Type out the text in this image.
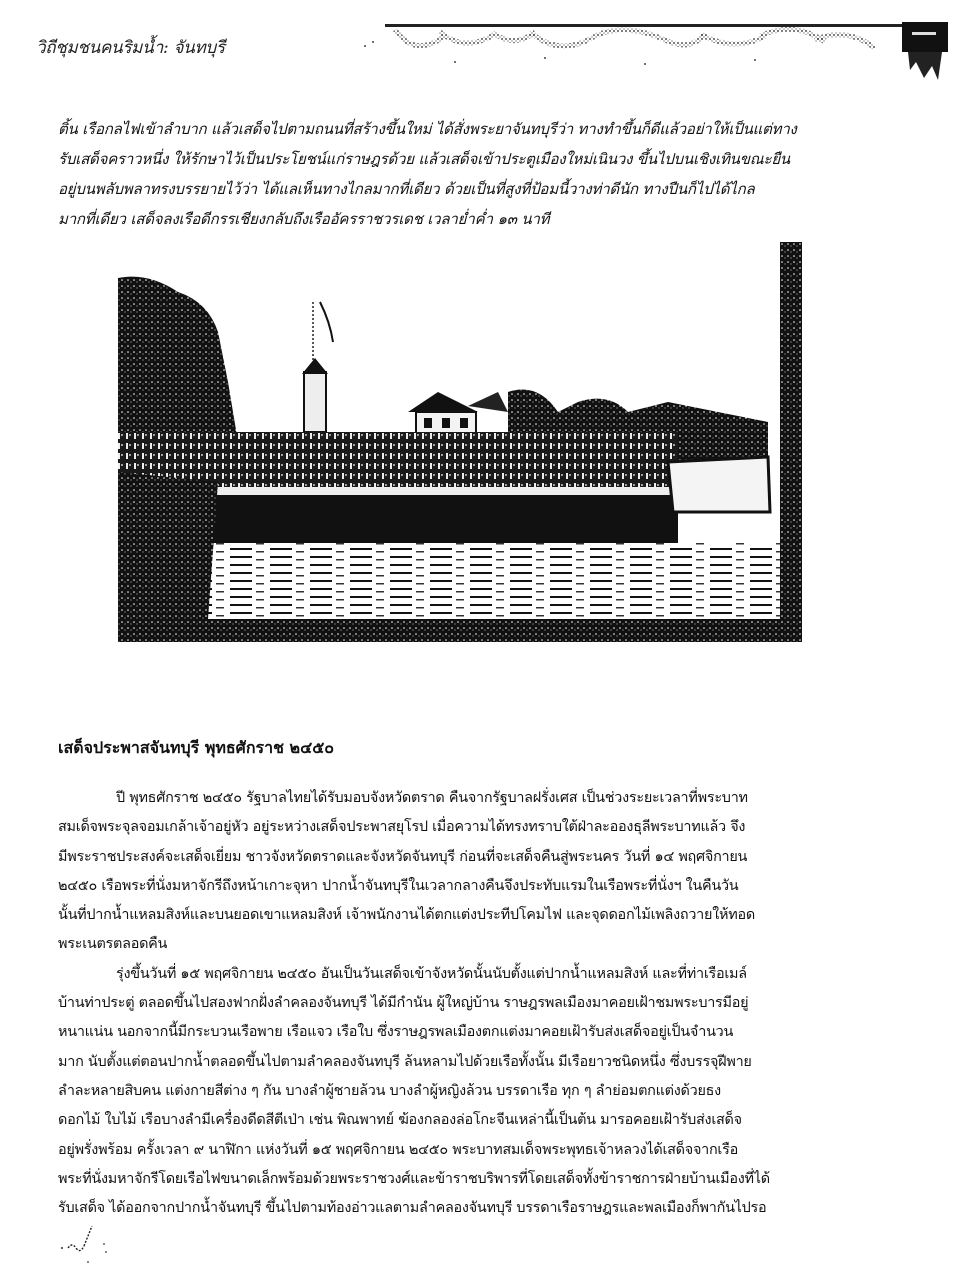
วิถีชุมชนคนริมน้ำ: จันทบุรี

ติ้น เรือกลไฟเข้าลำบาก แล้วเสด็จไปตามถนนที่สร้างขึ้นใหม่ ได้สั่งพระยาจันทบุรีว่า ทางทำขึ้นก็ดีแล้วอย่าให้เป็นแต่ทาง

รับเสด็จคราวหนึ่ง ให้รักษาไว้เป็นประโยชน์แก่ราษฎรด้วย แล้วเสด็จเข้าประตูเมืองใหม่เนินวง ขึ้นไปบนเชิงเทินขณะยืน

อยู่บนพลับพลาทรงบรรยายไว้ว่า ได้แลเห็นทางไกลมากที่เดียว ด้วยเป็นที่สูงที่ป้อมนี้วางท่าดีนัก ทางปืนก็ไปได้ไกล

มากที่เดียว เสด็จลงเรือดีกรรเชียงกลับถึงเรืออัครราชวรเดช เวลาย่ำค่ำ ๑๓ นาที

เสด็จประพาสจันทบุรี พุทธศักราช ๒๔๕๐

ปี พุทธศักราช ๒๔๕๐ รัฐบาลไทยได้รับมอบจังหวัดตราด คืนจากรัฐบาลฝรั่งเศส เป็นช่วงระยะเวลาที่พระบาท

สมเด็จพระจุลจอมเกล้าเจ้าอยู่หัว อยู่ระหว่างเสด็จประพาสยุโรป เมื่อความได้ทรงทราบใต้ฝ่าละอองธุลีพระบาทแล้ว จึง

มีพระราชประสงค์จะเสด็จเยี่ยม ชาวจังหวัดตราดและจังหวัดจันทบุรี ก่อนที่จะเสด็จคืนสู่พระนคร วันที่ ๑๔ พฤศจิกายน

๒๔๕๐ เรือพระที่นั่งมหาจักรีถึงหน้าเกาะจุหา ปากน้ำจันทบุรีในเวลากลางคืนจึงประทับแรมในเรือพระที่นั่งฯ ในคืนวัน

นั้นที่ปากน้ำแหลมสิงห์และบนยอดเขาแหลมสิงห์ เจ้าพนักงานได้ตกแต่งประทีปโคมไฟ และจุดดอกไม้เพลิงถวายให้ทอด

พระเนตรตลอดคืน

รุ่งขึ้นวันที่ ๑๕ พฤศจิกายน ๒๔๕๐ อันเป็นวันเสด็จเข้าจังหวัดนั้นนับตั้งแต่ปากน้ำแหลมสิงห์ และที่ท่าเรือเมล์

บ้านท่าประตู่ ตลอดขึ้นไปสองฟากฝั่งลำคลองจันทบุรี ได้มีกำนัน ผู้ใหญ่บ้าน ราษฎรพลเมืองมาคอยเฝ้าชมพระบารมีอยู่

หนาแน่น นอกจากนี้มีกระบวนเรือพาย เรือแจว เรือใบ ซึ่งราษฎรพลเมืองตกแต่งมาคอยเฝ้ารับส่งเสด็จอยู่เป็นจำนวน

มาก นับตั้งแต่ตอนปากน้ำตลอดขึ้นไปตามลำคลองจันทบุรี ล้นหลามไปด้วยเรือทั้งนั้น มีเรือยาวชนิดหนึ่ง ซึ่งบรรจุฝีพาย

ลำละหลายสิบคน แต่งกายสีต่าง ๆ กัน บางลำผู้ชายล้วน บางลำผู้หญิงล้วน บรรดาเรือ ทุก ๆ ลำย่อมตกแต่งด้วยธง

ดอกไม้ ใบไม้ เรือบางลำมีเครื่องดีดสีตีเป่า เช่น พิณพาทย์ ฆ้องกลองล่อโกะจีนเหล่านี้เป็นต้น มารอคอยเฝ้ารับส่งเสด็จ

อยู่พรั่งพร้อม ครั้งเวลา ๙ นาฬิกา แห่งวันที่ ๑๕ พฤศจิกายน ๒๔๕๐ พระบาทสมเด็จพระพุทธเจ้าหลวงได้เสด็จจากเรือ

พระที่นั่งมหาจักรีโดยเรือไฟขนาดเล็กพร้อมด้วยพระราชวงศ์และข้าราชบริพารที่โดยเสด็จทั้งข้าราชการฝ่ายบ้านเมืองที่ได้

รับเสด็จ ได้ออกจากปากน้ำจันทบุรี ขึ้นไปตามท้องอ่าวแลตามลำคลองจันทบุรี บรรดาเรือราษฎรและพลเมืองก็พากันไปรอ
